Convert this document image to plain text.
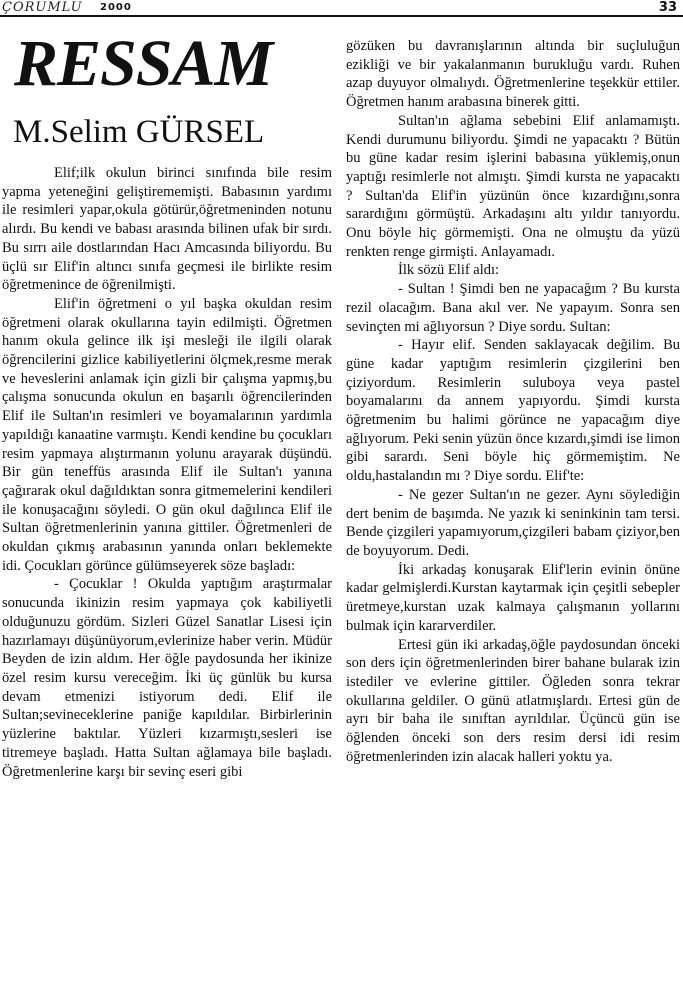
ÇORUMLU 2000	33
RESSAM
M.Selim GÜRSEL

Elif;ilk okulun birinci sınıfında bile resim yapma yeteneğini geliştirememişti. Babasının yardımı ile resimleri yapar,okula götürür,öğretmeninden notunu alırdı. Bu kendi ve babası arasında bilinen ufak bir sırdı. Bu sırrı aile dostlarından Hacı Amcasında biliyordu. Bu üçlü sır Elif'in altıncı sınıfa geçmesi ile birlikte resim öğretmenince de öğrenilmişti.

Elif'in öğretmeni o yıl başka okuldan resim öğretmeni olarak okullarına tayin edilmişti. Öğretmen hanım okula gelince ilk işi mesleği ile ilgili olarak öğrencilerini gizlice kabiliyetlerini ölçmek,resme merak ve heveslerini anlamak için gizli bir çalışma yapmış,bu çalışma sonucunda okulun en başarılı öğrencilerinden Elif ile Sultan'ın resimleri ve boyamalarının yardımla yapıldığı kanaatine varmıştı. Kendi kendine bu çocukları resim yapmaya alıştırmanın yolunu arayarak düşündü. Bir gün teneffüs arasında Elif ile Sultan'ı yanına çağırarak okul dağıldıktan sonra gitmemelerini kendileri ile konuşacağını söyledi. O gün okul dağılınca Elif ile Sultan öğretmenlerinin yanına gittiler. Öğretmenleri de okuldan çıkmış arabasının yanında onları beklemekte idi. Çocukları görünce gülümseyerek söze başladı:

- Çocuklar ! Okulda yaptığım araştırmalar sonucunda ikinizin resim yapmaya çok kabiliyetli olduğunuzu gördüm. Sizleri Güzel Sanatlar Lisesi için hazırlamayı düşünüyorum,evlerinize haber verin. Müdür Beyden de izin aldım. Her öğle paydosunda her ikinize özel resim kursu vereceğim. İki üç günlük bu kursa devam etmenizi istiyorum dedi. Elif ile Sultan;sevineceklerine paniğe kapıldılar. Birbirlerinin yüzlerine baktılar. Yüzleri kızarmıştı,sesleri ise titremeye başladı. Hatta Sultan ağlamaya bile başladı. Öğretmenlerine karşı bir sevinç eseri gibi

gözüken bu davranışlarının altında bir suçluluğun ezikliği ve bir yakalanmanın burukluğu vardı. Ruhen azap duyuyor olmalıydı. Öğretmenlerine teşekkür ettiler. Öğretmen hanım arabasına binerek gitti.

Sultan'ın ağlama sebebini Elif anlamamıştı. Kendi durumunu biliyordu. Şimdi ne yapacaktı ? Bütün bu güne kadar resim işlerini babasına yüklemiş,onun yaptığı resimlerle not almıştı. Şimdi kursta ne yapacaktı ? Sultan'da Elif'in yüzünün önce kızardığını,sonra sarardığını görmüştü. Arkadaşını altı yıldır tanıyordu. Onu böyle hiç görmemişti. Ona ne olmuştu da yüzü renkten renge girmişti. Anlayamadı.

İlk sözü Elif aldı:

- Sultan ! Şimdi ben ne yapacağım ? Bu kursta rezil olacağım. Bana akıl ver. Ne yapayım. Sonra sen sevinçten mi ağlıyorsun ? Diye sordu. Sultan:

- Hayır elif. Senden saklayacak değilim. Bu güne kadar yaptığım resimlerin çizgilerini ben çiziyordum. Resimlerin suluboya veya pastel boyamalarını da annem yapıyordu. Şimdi kursta öğretmenim bu halimi görünce ne yapacağım diye ağlıyorum. Peki senin yüzün önce kızardı,şimdi ise limon gibi sarardı. Seni böyle hiç görmemiştim. Ne oldu,hastalandın mı ? Diye sordu. Elif'te:

- Ne gezer Sultan'ın ne gezer. Aynı söylediğin dert benim de başımda. Ne yazık ki seninkinin tam tersi. Bende çizgileri yapamıyorum,çizgileri babam çiziyor,ben de boyuyorum. Dedi.

İki arkadaş konuşarak Elif'lerin evinin önüne kadar gelmişlerdi.Kurstan kaytarmak için çeşitli sebepler üretmeye,kurstan uzak kalmaya çalışmanın yollarını bulmak için kararverdiler.

Ertesi gün iki arkadaş,öğle paydosundan önceki son ders için öğretmenlerinden birer bahane bularak izin istediler ve evlerine gittiler. Öğleden sonra tekrar okullarına geldiler. O günü atlatmışlardı. Ertesi gün de ayrı bir baha ile sınıftan ayrıldılar. Üçüncü gün ise öğlenden önceki son ders resim dersi idi resim öğretmenlerinden izin alacak halleri yoktu ya.
